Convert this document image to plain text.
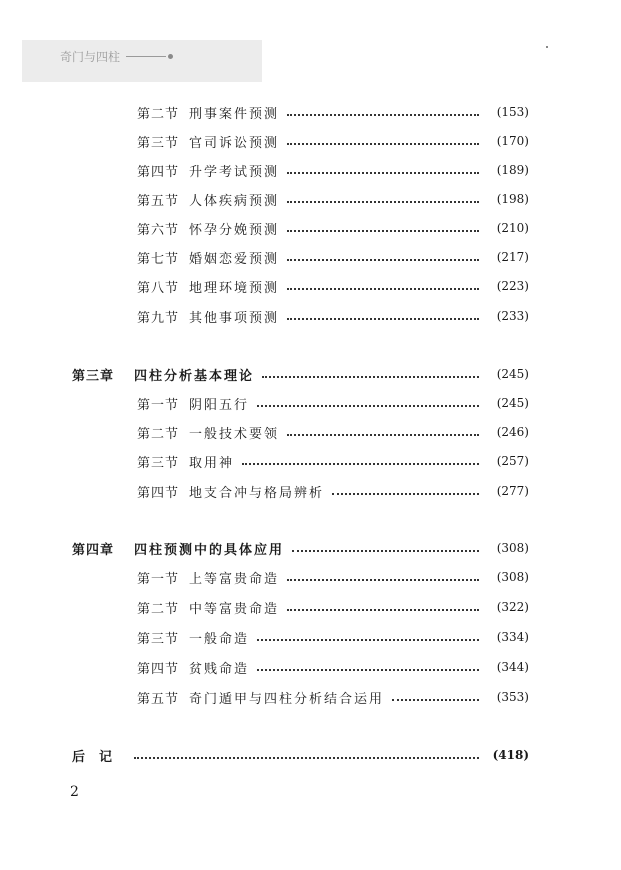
奇门与四柱
第二节 刑事案件预测	(153)
第三节 官司诉讼预测	(170)
第四节 升学考试预测	(189)
第五节 人体疾病预测	(198)
第六节 怀孕分娩预测	(210)
第七节 婚姻恋爱预测	(217)
第八节 地理环境预测	(223)
第九节 其他事项预测	(233)
第三章	四柱分析基本理论	(245)
第一节 阴阳五行	(245)
第二节 一般技术要领	(246)
第三节 取用神	(257)
第四节 地支合冲与格局辨析	(277)
第四章	四柱预测中的具体应用	(308)
第一节 上等富贵命造	(308)
第二节 中等富贵命造	(322)
第三节 一般命造	(334)
第四节 贫贱命造	(344)
第五节 奇门遁甲与四柱分析结合运用	(353)
后记	(418)
2
